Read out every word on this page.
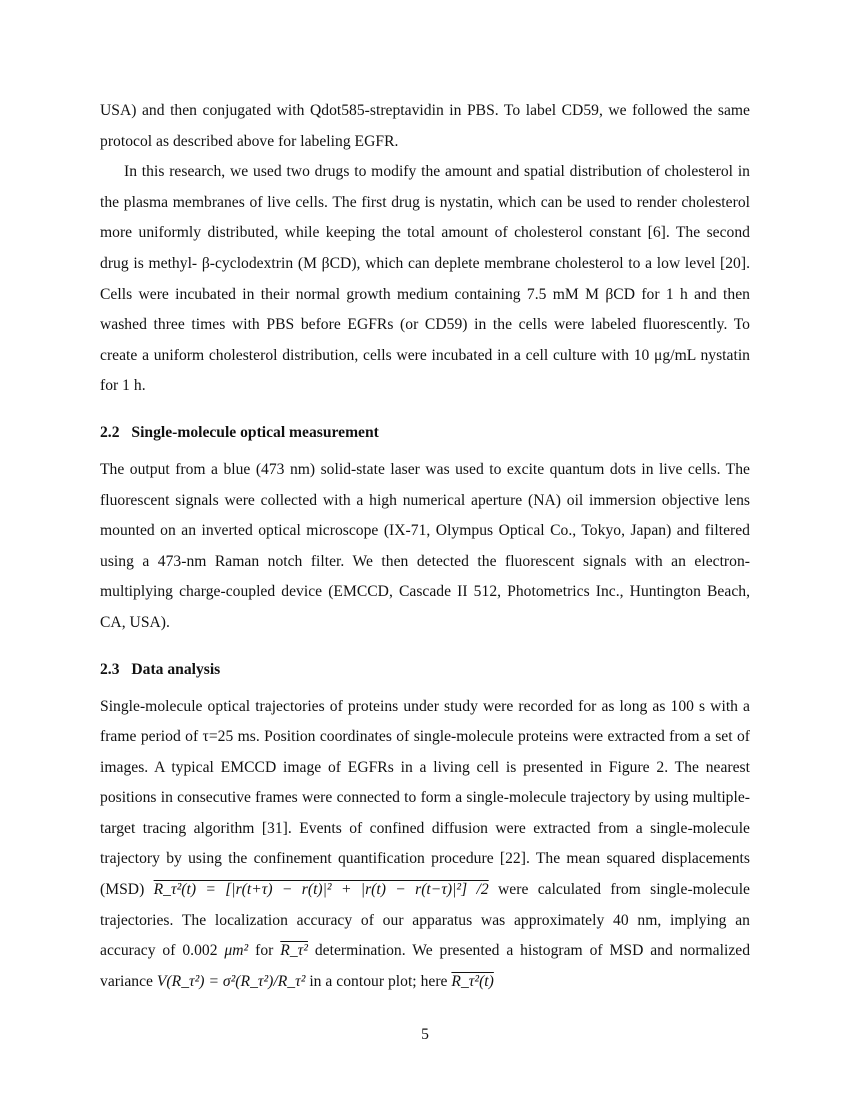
USA) and then conjugated with Qdot585-streptavidin in PBS. To label CD59, we followed the same protocol as described above for labeling EGFR.

In this research, we used two drugs to modify the amount and spatial distribution of cholesterol in the plasma membranes of live cells. The first drug is nystatin, which can be used to render cholesterol more uniformly distributed, while keeping the total amount of cholesterol constant [6]. The second drug is methyl- β-cyclodextrin (M βCD), which can deplete membrane cholesterol to a low level [20]. Cells were incubated in their normal growth medium containing 7.5 mM M βCD for 1 h and then washed three times with PBS before EGFRs (or CD59) in the cells were labeled fluorescently. To create a uniform cholesterol distribution, cells were incubated in a cell culture with 10 μg/mL nystatin for 1 h.

2.2 Single-molecule optical measurement

The output from a blue (473 nm) solid-state laser was used to excite quantum dots in live cells. The fluorescent signals were collected with a high numerical aperture (NA) oil immersion objective lens mounted on an inverted optical microscope (IX-71, Olympus Optical Co., Tokyo, Japan) and filtered using a 473-nm Raman notch filter. We then detected the fluorescent signals with an electron-multiplying charge-coupled device (EMCCD, Cascade II 512, Photometrics Inc., Huntington Beach, CA, USA).

2.3 Data analysis

Single-molecule optical trajectories of proteins under study were recorded for as long as 100 s with a frame period of τ=25 ms. Position coordinates of single-molecule proteins were extracted from a set of images. A typical EMCCD image of EGFRs in a living cell is presented in Figure 2. The nearest positions in consecutive frames were connected to form a single-molecule trajectory by using multiple-target tracing algorithm [31]. Events of confined diffusion were extracted from a single-molecule trajectory by using the confinement quantification procedure [22]. The mean squared displacements (MSD) R_τ²(t) = [|r(t+τ) − r(t)|² + |r(t) − r(t−τ)|²] /2 were calculated from single-molecule trajectories. The localization accuracy of our apparatus was approximately 40 nm, implying an accuracy of 0.002 μm² for R_τ² determination. We presented a histogram of MSD and normalized variance V(R_τ²) = σ²(R_τ²)/R_τ² in a contour plot; here R_τ²(t)

5
